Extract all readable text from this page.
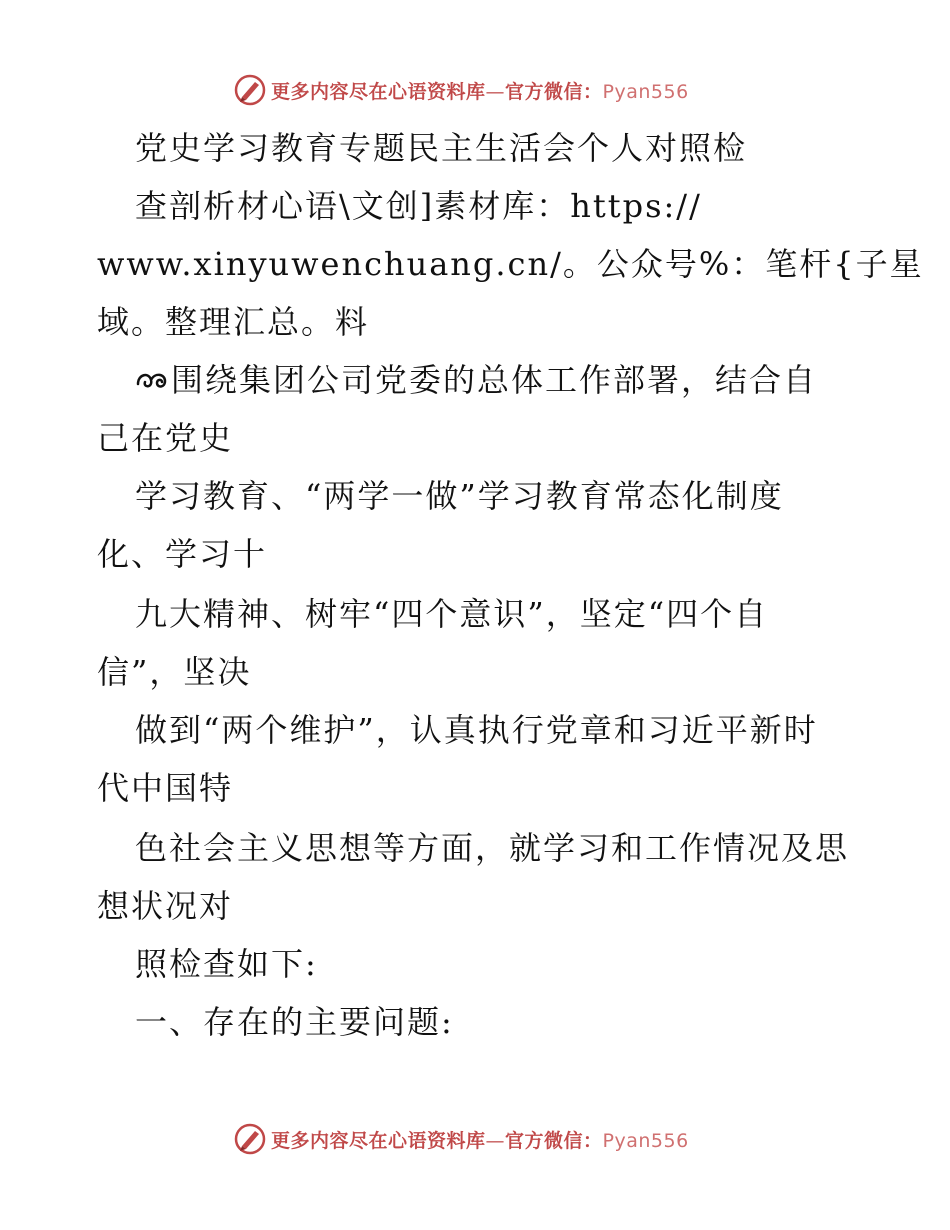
更多内容尽在心语资料库—官方微信：Pyan556
党史学习教育专题民主生活会个人对照检
查剖析材心语\文创]素材库：https://
www.xinyuwenchuang.cn/。公众号%：笔杆{子星
域。整理汇总。料
围绕集团公司党委的总体工作部署，结合自
己在党史
学习教育、“两学一做”学习教育常态化制度
化、学习十
九大精神、树牢“四个意识”，坚定“四个自
信”，坚决
做到“两个维护”，认真执行党章和习近平新时
代中国特
色社会主义思想等方面，就学习和工作情况及思
想状况对
照检查如下:
一、存在的主要问题:
更多内容尽在心语资料库—官方微信：Pyan556
